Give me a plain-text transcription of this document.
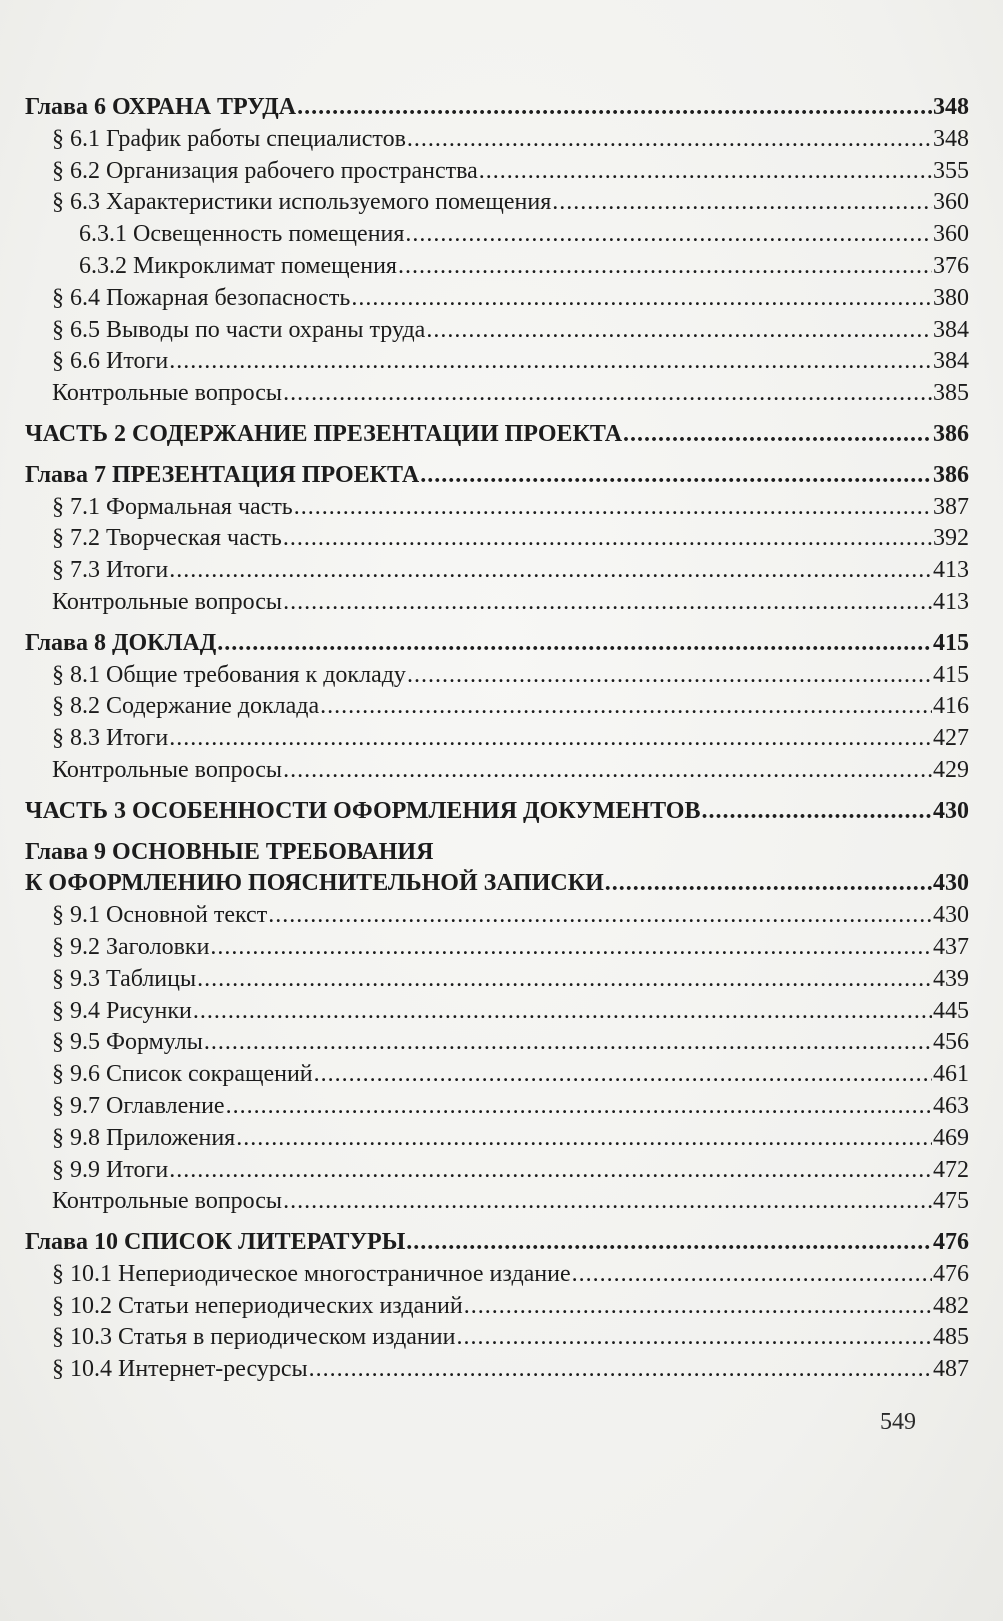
Глава 6 ОХРАНА ТРУДА .....	348
§ 6.1 График работы специалистов .....	348
§ 6.2 Организация рабочего пространства .....	355
§ 6.3 Характеристики используемого помещения .....	360
6.3.1 Освещенность помещения .....	360
6.3.2 Микроклимат помещения .....	376
§ 6.4 Пожарная безопасность .....	380
§ 6.5 Выводы по части охраны труда .....	384
§ 6.6 Итоги .....	384
Контрольные вопросы .....	385
ЧАСТЬ 2 СОДЕРЖАНИЕ ПРЕЗЕНТАЦИИ ПРОЕКТА .....	386
Глава 7 ПРЕЗЕНТАЦИЯ ПРОЕКТА .....	386
§ 7.1 Формальная часть .....	387
§ 7.2 Творческая часть .....	392
§ 7.3 Итоги .....	413
Контрольные вопросы .....	413
Глава 8 ДОКЛАД .....	415
§ 8.1 Общие требования к докладу .....	415
§ 8.2 Содержание доклада .....	416
§ 8.3 Итоги .....	427
Контрольные вопросы .....	429
ЧАСТЬ 3 ОСОБЕННОСТИ ОФОРМЛЕНИЯ ДОКУМЕНТОВ .....	430
Глава 9 ОСНОВНЫЕ ТРЕБОВАНИЯ
К ОФОРМЛЕНИЮ ПОЯСНИТЕЛЬНОЙ ЗАПИСКИ .....	430
§ 9.1 Основной текст .....	430
§ 9.2 Заголовки .....	437
§ 9.3 Таблицы .....	439
§ 9.4 Рисунки .....	445
§ 9.5 Формулы .....	456
§ 9.6 Список сокращений .....	461
§ 9.7 Оглавление .....	463
§ 9.8 Приложения .....	469
§ 9.9 Итоги .....	472
Контрольные вопросы .....	475
Глава 10 СПИСОК ЛИТЕРАТУРЫ .....	476
§ 10.1 Непериодическое многостраничное издание .....	476
§ 10.2 Статьи непериодических изданий .....	482
§ 10.3 Статья в периодическом издании .....	485
§ 10.4 Интернет-ресурсы .....	487
549
